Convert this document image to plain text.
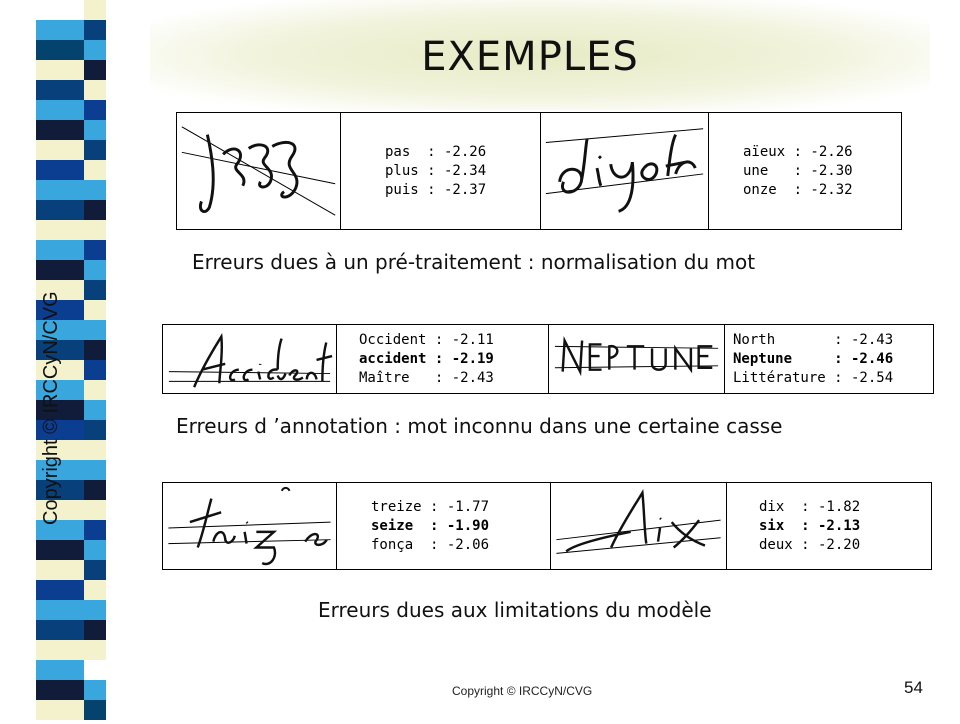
EXEMPLES
Copyright © IRCCyN/CVG
pas  : -2.26
plus : -2.34
puis : -2.37
aïeux : -2.26
une   : -2.30
onze  : -2.32
Erreurs dues à un pré-traitement : normalisation du mot
Occident : -2.11
accident : -2.19
Maître   : -2.43
North       : -2.43
Neptune     : -2.46
Littérature : -2.54
Erreurs d ’annotation : mot inconnu dans une certaine casse
treize : -1.77
seize  : -1.90
fonça  : -2.06
dix  : -1.82
six  : -2.13
deux : -2.20
Erreurs dues aux limitations du modèle
Copyright © IRCCyN/CVG	54
